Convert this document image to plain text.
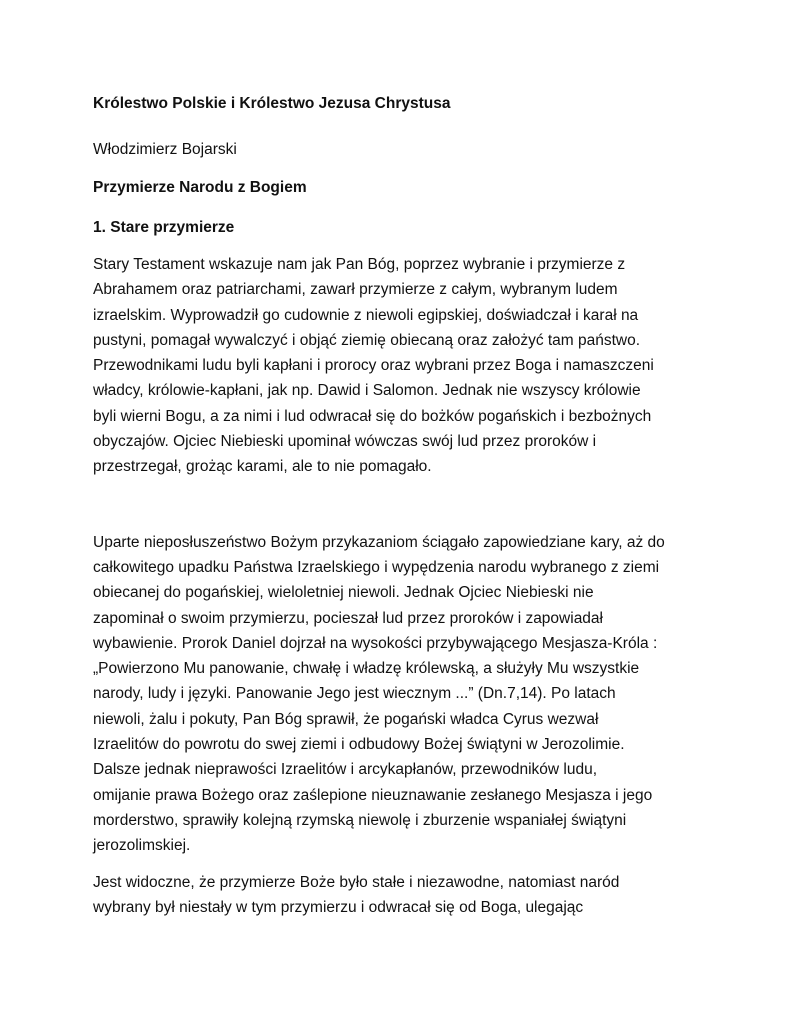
Królestwo Polskie i Królestwo Jezusa Chrystusa

Włodzimierz Bojarski

Przymierze Narodu z Bogiem
1. Stare przymierze

Stary Testament wskazuje nam jak Pan Bóg, poprzez wybranie i przymierze z
Abrahamem oraz patriarchami, zawarł przymierze z całym, wybranym ludem
izraelskim. Wyprowadził go cudownie z niewoli egipskiej, doświadczał i karał na
pustyni, pomagał wywalczyć i objąć ziemię obiecaną oraz założyć tam państwo.
Przewodnikami ludu byli kapłani i prorocy oraz wybrani przez Boga i namaszczeni
władcy, królowie-kapłani, jak np. Dawid i Salomon. Jednak nie wszyscy królowie
byli wierni Bogu, a za nimi i lud odwracał się do bożków pogańskich i bezbożnych
obyczajów. Ojciec Niebieski upominał wówczas swój lud przez proroków i
przestrzegał, grożąc karami, ale to nie pomagało.

Uparte nieposłuszeństwo Bożym przykazaniom ściągało zapowiedziane kary, aż do
całkowitego upadku Państwa Izraelskiego i wypędzenia narodu wybranego z ziemi
obiecanej do pogańskiej, wieloletniej niewoli. Jednak Ojciec Niebieski nie
zapominał o swoim przymierzu, pocieszał lud przez proroków i zapowiadał
wybawienie. Prorok Daniel dojrzał na wysokości przybywającego Mesjasza-Króla :
„Powierzono Mu panowanie, chwałę i władzę królewską, a służyły Mu wszystkie
narody, ludy i języki. Panowanie Jego jest wiecznym ...” (Dn.7,14). Po latach
niewoli, żalu i pokuty, Pan Bóg sprawił, że pogański władca Cyrus wezwał
Izraelitów do powrotu do swej ziemi i odbudowy Bożej świątyni w Jerozolimie.
Dalsze jednak nieprawości Izraelitów i arcykapłanów, przewodników ludu,
omijanie prawa Bożego oraz zaślepione nieuznawanie zesłanego Mesjasza i jego
morderstwo, sprawiły kolejną rzymską niewolę i zburzenie wspaniałej świątyni
jerozolimskiej.

Jest widoczne, że przymierze Boże było stałe i niezawodne, natomiast naród
wybrany był niestały w tym przymierzu i odwracał się od Boga, ulegając
